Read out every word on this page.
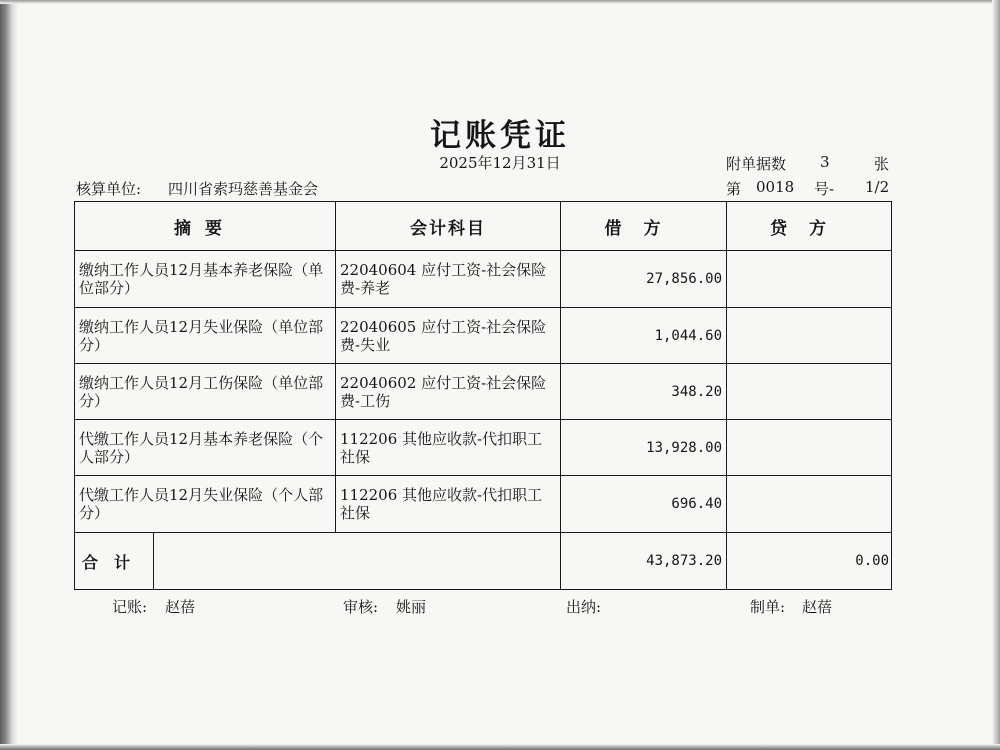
记账凭证
2025年12月31日
核算单位: 四川省索玛慈善基金会
附单据数 3	张
第 0018 号- 1/2
摘要	会计科目	借方	贷方
缴纳工作人员12月基本养老保险（单位部分）	22040604 应付工资-社会保险费-养老	27,856.00	
缴纳工作人员12月失业保险（单位部分）	22040605 应付工资-社会保险费-失业	1,044.60	
缴纳工作人员12月工伤保险（单位部分）	22040602 应付工资-社会保险费-工伤	348.20	
代缴工作人员12月基本养老保险（个人部分）	112206 其他应收款-代扣职工社保	13,928.00	
代缴工作人员12月失业保险（个人部分）	112206 其他应收款-代扣职工社保	696.40	

合计		43,873.20	0.00
记账: 赵蓓	审核: 姚丽	出纳:	制单: 赵蓓
